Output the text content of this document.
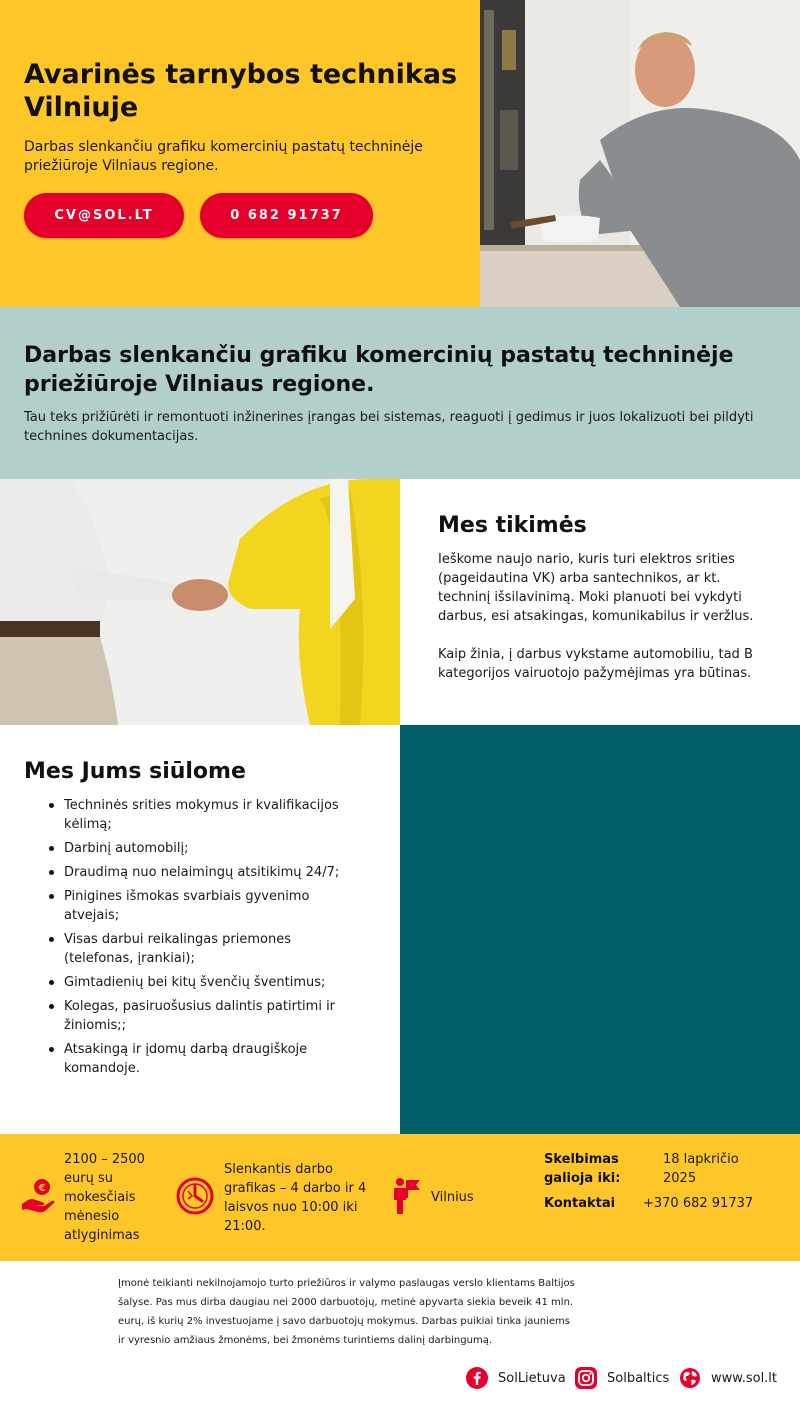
Avarinės tarnybos technikas Vilniuje

Darbas slenkančiu grafiku komercinių pastatų techninėje priežiūroje Vilniaus regione.

CV@SOL.LT	0 682 91737
Darbas slenkančiu grafiku komercinių pastatų techninėje priežiūroje Vilniaus regione.

Tau teks prižiūrėti ir remontuoti inžinerines įrangas bei sistemas, reaguoti į gedimus ir juos lokalizuoti bei pildyti technines dokumentacijas.

Mes tikimės

Ieškome naujo nario, kuris turi elektros srities (pageidautina VK) arba santechnikos, ar kt. techninį išsilavinimą. Moki planuoti bei vykdyti darbus, esi atsakingas, komunikabilus ir veržlus.

Kaip žinia, į darbus vykstame automobiliu, tad B kategorijos vairuotojo pažymėjimas yra būtinas.

Mes Jums siūlome
Techninės srities mokymus ir kvalifikacijos kėlimą;
Darbinį automobilį;
Draudimą nuo nelaimingų atsitikimų 24/7;
Pinigines išmokas svarbiais gyvenimo atvejais;
Visas darbui reikalingas priemones (telefonas, įrankiai);
Gimtadienių bei kitų švenčių šventimus;
Kolegas, pasiruošusius dalintis patirtimi ir žiniomis;;
Atsakingą ir įdomų darbą draugiškoje komandoje.
€
2100 – 2500 eurų su mokesčiais mėnesio atlyginimas
Slenkantis darbo grafikas – 4 darbo ir 4 laisvos nuo 10:00 iki 21:00.
Vilnius
Skelbimas galioja iki:
18 lapkričio 2025
Kontaktai +370 682 91737

Įmonė teikianti nekilnojamojo turto priežiūros ir valymo paslaugas verslo klientams Baltijos šalyse. Pas mus dirba daugiau nei 2000 darbuotojų, metinė apyvarta siekia beveik 41 mln. eurų, iš kurių 2% investuojame į savo darbuotojų mokymus. Darbas puikiai tinka jauniems ir vyresnio amžiaus žmonėms, bei žmonėms turintiems dalinį darbingumą.

SolLietuva	Solbaltics	www.sol.lt
